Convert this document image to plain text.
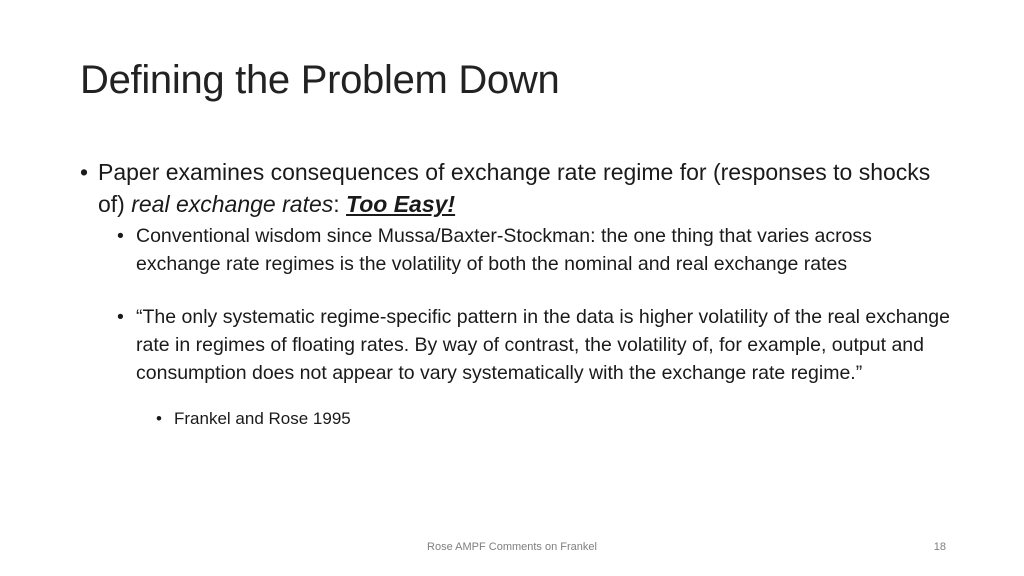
Defining the Problem Down

• Paper examines consequences of exchange rate regime for (responses to shocks of) real exchange rates: Too Easy!

• Conventional wisdom since Mussa/Baxter-Stockman: the one thing that varies across exchange rate regimes is the volatility of both the nominal and real exchange rates

• “The only systematic regime-specific pattern in the data is higher volatility of the real exchange rate in regimes of floating rates. By way of contrast, the volatility of, for example, output and consumption does not appear to vary systematically with the exchange rate regime.”

• Frankel and Rose 1995

Rose AMPF Comments on Frankel	18
